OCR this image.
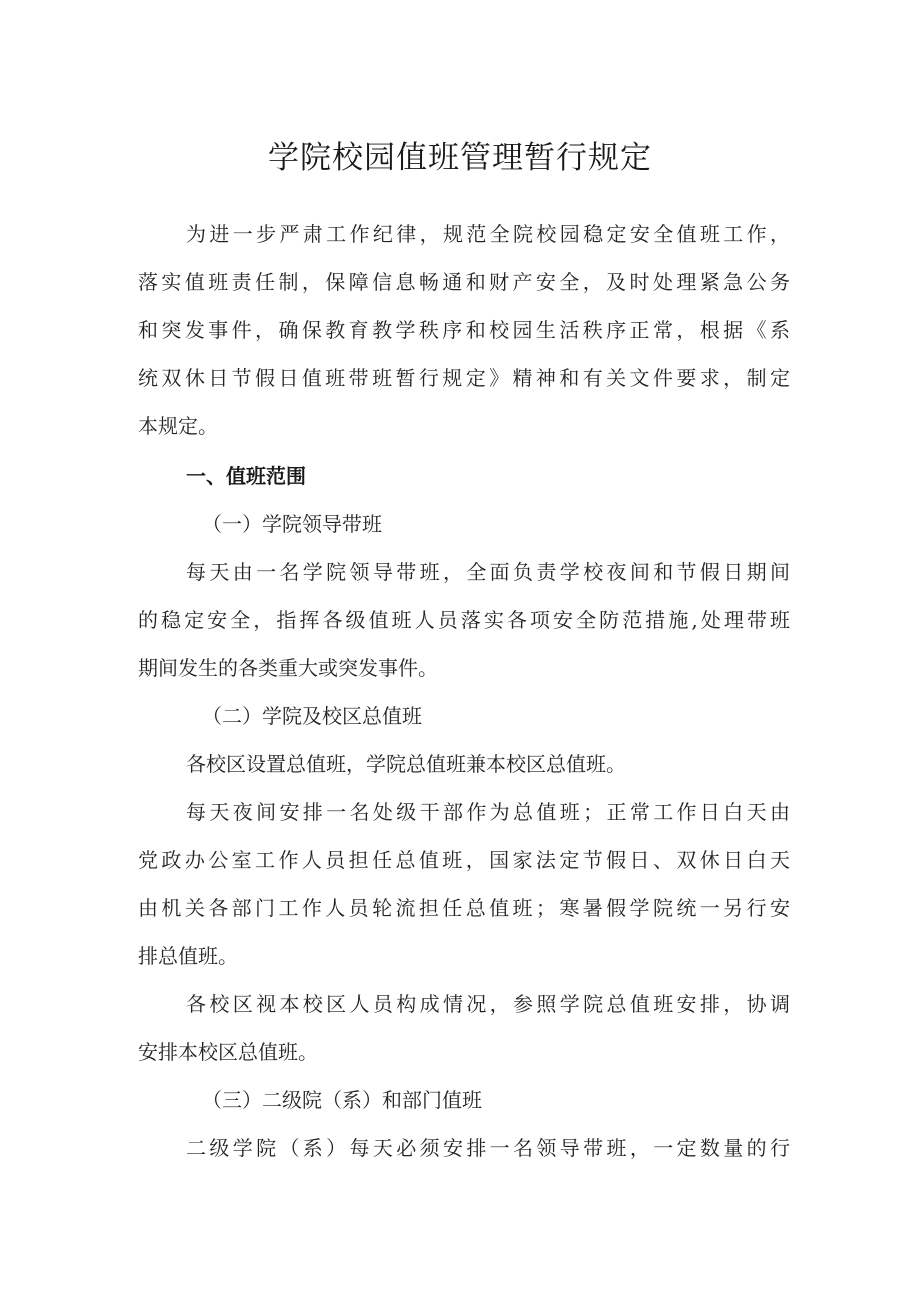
学院校园值班管理暂行规定
为进一步严肃工作纪律，规范全院校园稳定安全值班工作，
落实值班责任制，保障信息畅通和财产安全，及时处理紧急公务
和突发事件，确保教育教学秩序和校园生活秩序正常，根据《系
统双休日节假日值班带班暂行规定》精神和有关文件要求，制定
本规定。
一、值班范围
（一）学院领导带班
每天由一名学院领导带班，全面负责学校夜间和节假日期间
的稳定安全，指挥各级值班人员落实各项安全防范措施,处理带班
期间发生的各类重大或突发事件。
（二）学院及校区总值班
各校区设置总值班，学院总值班兼本校区总值班。
每天夜间安排一名处级干部作为总值班；正常工作日白天由
党政办公室工作人员担任总值班，国家法定节假日、双休日白天
由机关各部门工作人员轮流担任总值班；寒暑假学院统一另行安
排总值班。
各校区视本校区人员构成情况，参照学院总值班安排，协调
安排本校区总值班。
（三）二级院（系）和部门值班
二级学院（系）每天必须安排一名领导带班，一定数量的行
